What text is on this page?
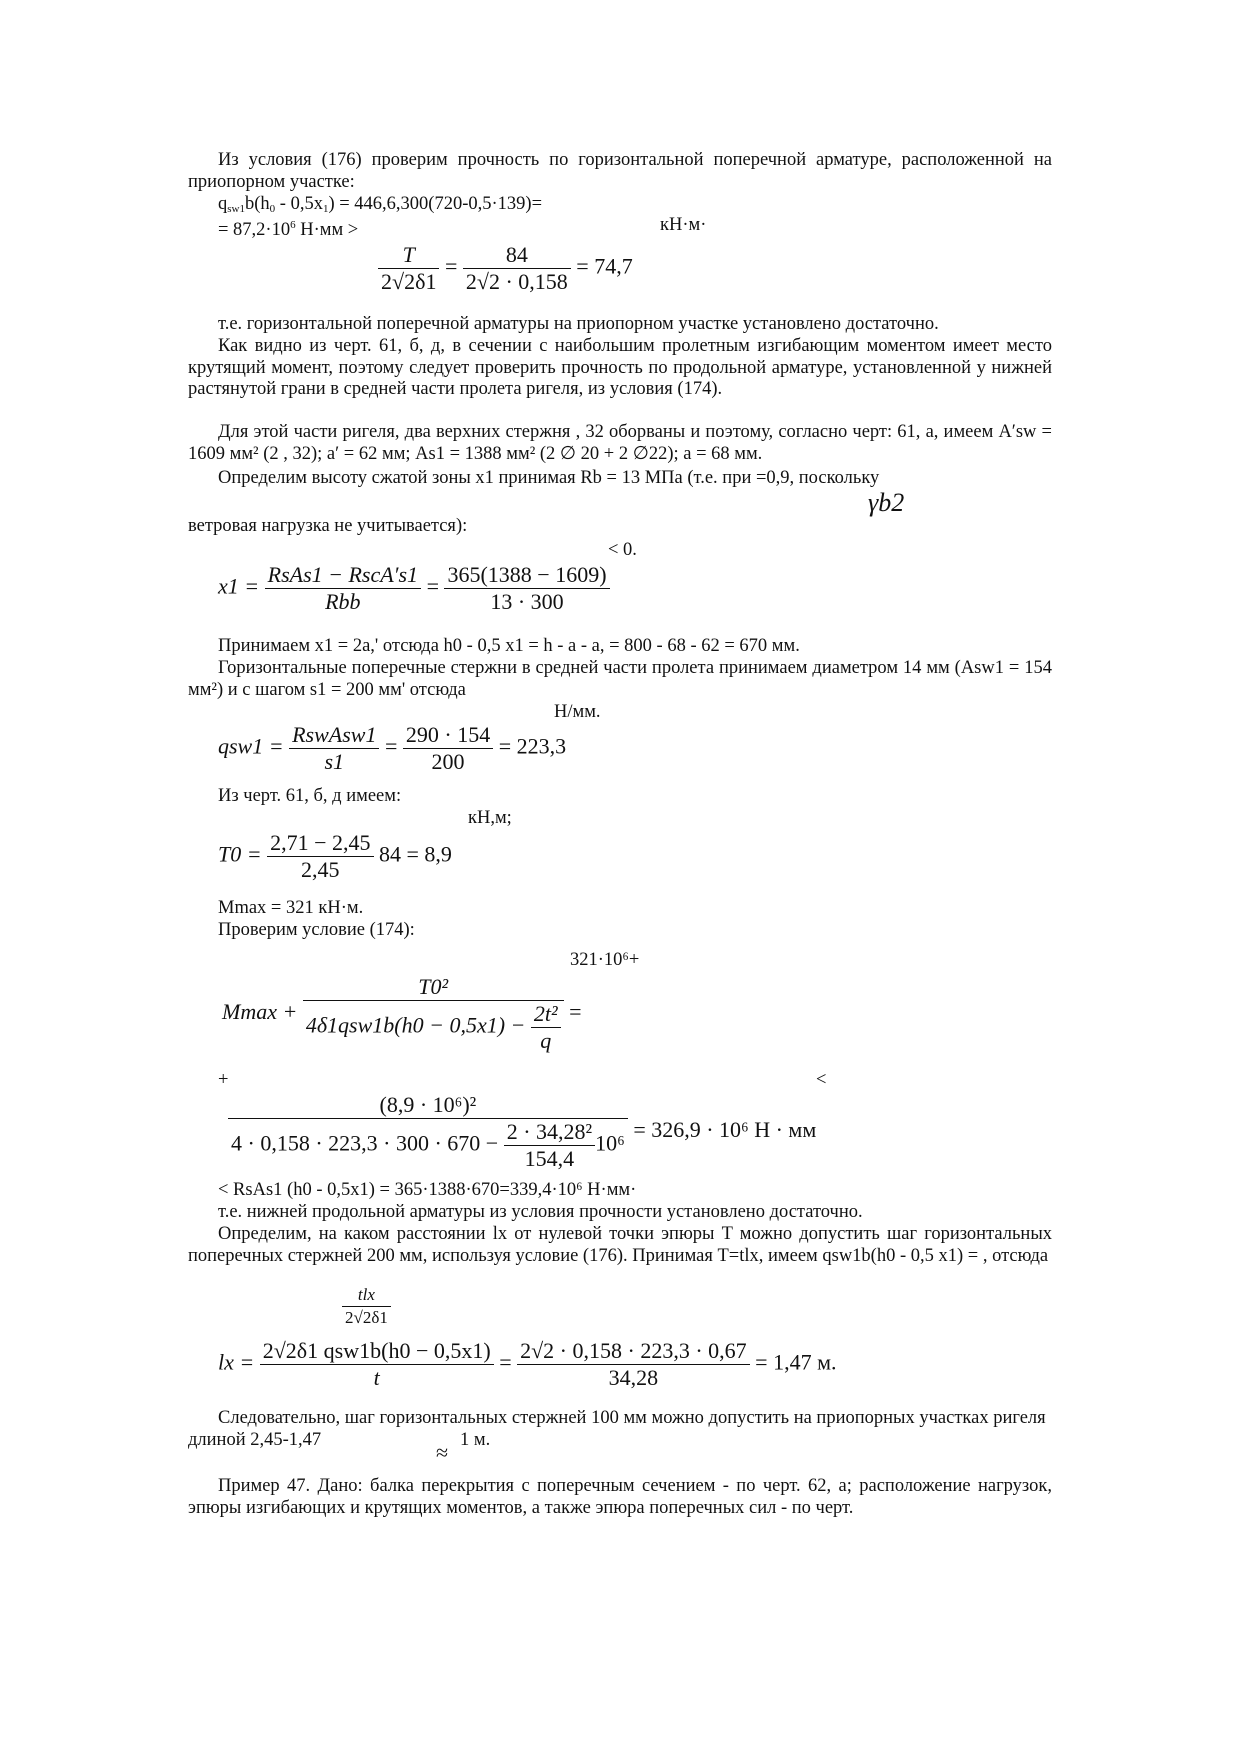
Из условия (176) проверим прочность по горизонтальной поперечной арматуре, расположенной на приопорном участке:

$q_{sw1}b(h_0 - 0,5x_1) = 446,6,300(720-0,5\cdot 139)=$
= $87,2\cdot 10^6$ Н·мм >	кН·м·
$\frac{T}{2√2\delta 1} = \frac{84}{2√2 \cdot 0,158} = 74,7$

т.е. горизонтальной поперечной арматуры на приопорном участке установлено достаточно.

Как видно из черт. 61, б, д, в сечении с наибольшим пролетным изгибающим моментом имеет место крутящий момент, поэтому следует проверить прочность по продольной арматуре, установленной у нижней растянутой грани в средней части пролета ригеля, из условия (174).

Для этой части ригеля, два верхних стержня , 32 оборваны и поэтому, согласно черт: 61, а, имеем A′sw = 1609 мм² (2 , 32); a′ = 62 мм; As1 = 1388 мм² (2 ∅ 20 + 2 ∅22); a = 68 мм.

Определим высоту сжатой зоны x1 принимая Rb = 13 МПа (т.е. при =0,9, поскольку

γb2

ветровая нагрузка не учитывается):

< 0.
$x1 = \frac{\text{RsAs1 − RscA′s1}}{\text{Rbb}} = \frac{365(1388 - 1609)}{13 \cdot 300}$

Принимаем x1 = 2a,' отсюда h0 - 0,5 x1 = h - a - a, = 800 - 68 - 62 = 670 мм.

Горизонтальные поперечные стержни в средней части пролета принимаем диаметром 14 мм (Asw1 = 154 мм²) и с шагом s1 = 200 мм' отсюда

Н/мм.
$qsw1 = \frac{\text{RswAsw1}}{s1} = \frac{290 \cdot 154}{200} = 223,3$

Из черт. 61, б, д имеем:

кН,м;
$T0 = \frac{2,71 - 2,45}{2,45} 84 = 8,9$

Mmax = 321 кН·м.

Проверим условие (174):

321·10⁶+
$Mmax + \frac{\text{T0²}}{4\delta 1qsw1b(h0 - 0,5x1) - \frac{\text{2t²}}{q}}$ =
+	<
$\frac{\text{(8,9 · 10⁶)²}}{4 \cdot 0,158 \cdot 223,3 \cdot 300 \cdot 670 - \frac{\text{2 · 34,28²}}{154,4} 10^6} = 326,9 \cdot 10^6$ Н · мм

< RsAs1 (h0 - 0,5x1) = 365·1388·670=339,4·10⁶ Н·мм·

т.е. нижней продольной арматуры из условия прочности установлено достаточно.

Определим, на каком расстоянии lx от нулевой точки эпюры T можно допустить шаг горизонтальных поперечных стержней 200 мм, используя условие (176). Принимая T=tlx, имеем qsw1b(h0 - 0,5 x1) = , отсюда

$\frac{\text{tlx}}{2√2\delta 1}$
lx = $\frac{\text{2√2δ1 qsw1b(h0 − 0,5x1)}}{t} = \frac{2√2 \cdot 0,158 \cdot 223,3 \cdot 0,67}{34,28} = 1,47$ м.

Следовательно, шаг горизонтальных стержней 100 мм можно допустить на приопорных участках ригеля длиной 2,45-1,47

≈ 1 м.

Пример 47. Дано: балка перекрытия с поперечным сечением - по черт. 62, а; расположение нагрузок, эпюры изгибающих и крутящих моментов, а также эпюра поперечных сил - по черт.
